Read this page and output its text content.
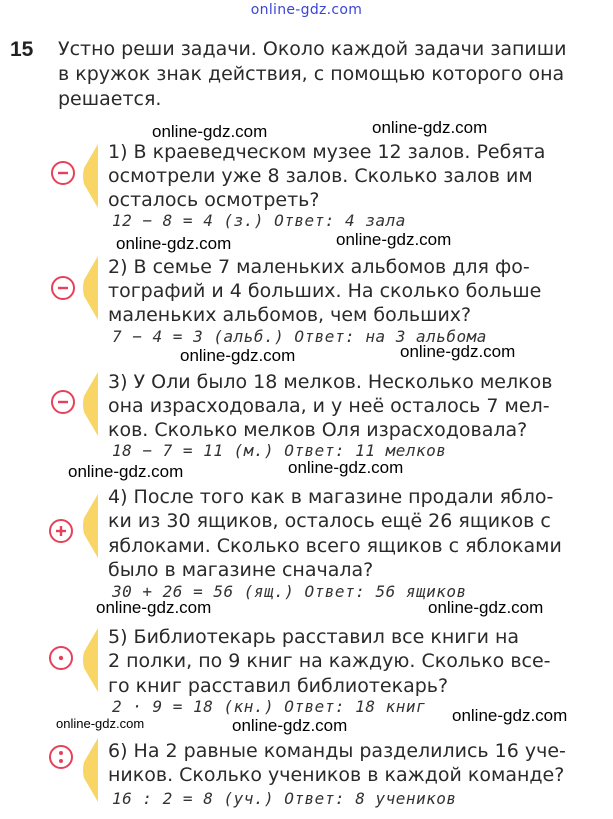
online-gdz.com
15 Устно реши задачи. Около каждой задачи запиши
в кружок знак действия, с помощью которого она
решается.
1) В краеведческом музее 12 залов. Ребята
осмотрели уже 8 залов. Сколько залов им
осталось осмотреть?
12 − 8 = 4 (з.) Ответ: 4 зала
2) В семье 7 маленьких альбомов для фо-
тографий и 4 больших. На сколько больше
маленьких альбомов, чем больших?
7 − 4 = 3 (альб.) Ответ: на 3 альбома
3) У Оли было 18 мелков. Несколько мелков
она израсходовала, и у неё осталось 7 мел-
ков. Сколько мелков Оля израсходовала?
18 − 7 = 11 (м.) Ответ: 11 мелков
4) После того как в магазине продали ябло-
ки из 30 ящиков, осталось ещё 26 ящиков с
яблоками. Сколько всего ящиков с яблоками
было в магазине сначала?
30 + 26 = 56 (ящ.) Ответ: 56 ящиков
5) Библиотекарь расставил все книги на
2 полки, по 9 книг на каждую. Сколько все-
го книг расставил библиотекарь?
2 · 9 = 18 (кн.) Ответ: 18 книг
6) На 2 равные команды разделились 16 уче-
ников. Сколько учеников в каждой команде?
16 : 2 = 8 (уч.) Ответ: 8 учеников
online-gdz.com	online-gdz.com
online-gdz.com	online-gdz.com
online-gdz.com	online-gdz.com
online-gdz.com	online-gdz.com
online-gdz.com	online-gdz.com
online-gdz.com	online-gdz.com
online-gdz.com
